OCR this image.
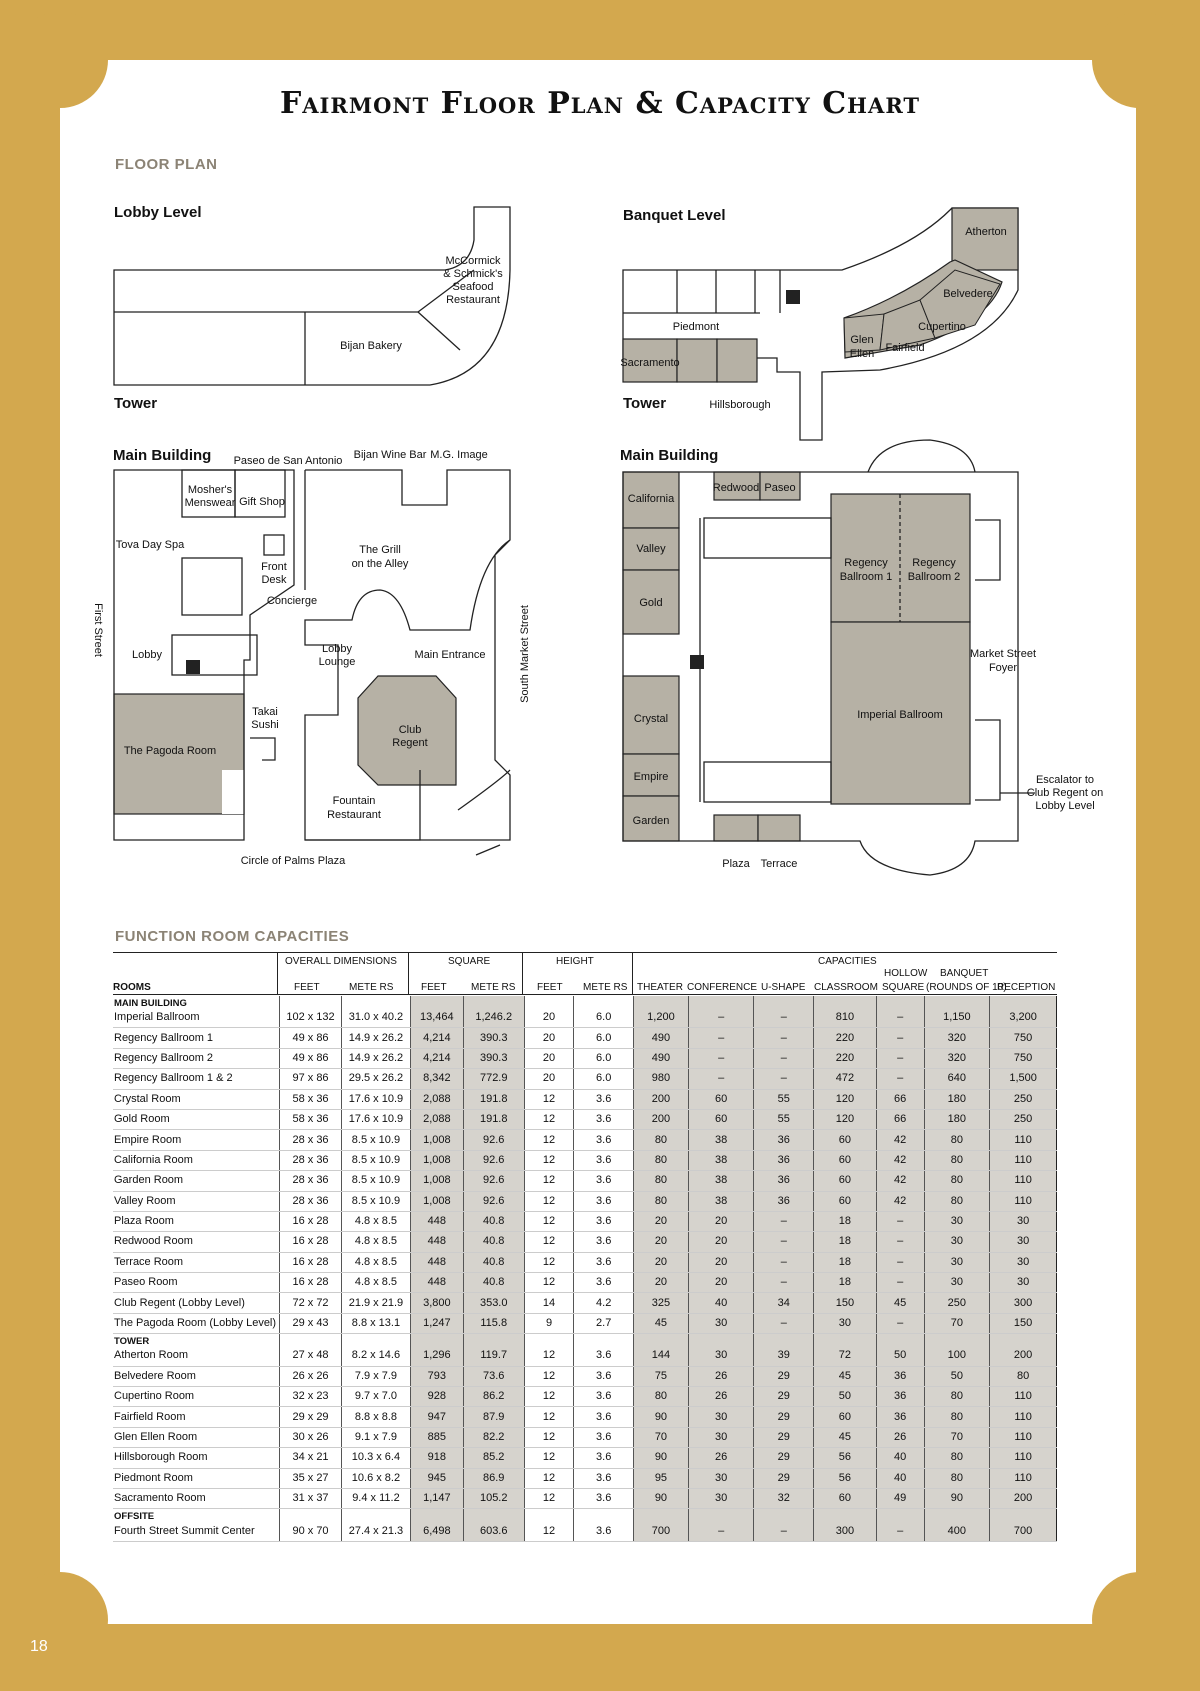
Fairmont Floor Plan & Capacity Chart
FLOOR PLAN
Lobby Level	Banquet Level
Tower	Tower
Main Building	Main Building
McCormick
& Schmick's
Seafood
Restaurant
Bijan Bakery
Paseo de San Antonio Bijan Wine Bar M.G. Image
Mosher's
Menswear Gift Shop
Tova Day Spa
Front
Desk
Concierge
The Grill
on the Alley
First Street	Lobby	Lobby
Lounge
Main Entrance	South Market Street
Takai
Sushi
The Pagoda Room
Club
Regent
Fountain
Restaurant
Circle of Palms Plaza
Atherton
Belvedere
Cupertino
Fairfield
Glen
Ellen
Piedmont
Sacramento
Hillsborough
California
Redwood Paseo
Valley
Gold
Crystal
Empire
Garden
Regency
Ballroom 1
Regency
Ballroom 2
Market Street
Foyer
Imperial Ballroom
Escalator to
Club Regent on
Lobby Level
Plaza Terrace
FUNCTION ROOM CAPACITIES
OVERALL DIMENSIONS	SQUARE	HEIGHT	CAPACITIES
HOLLOW BANQUET
ROOMS	FEET	METE RS	FEET METE RS FEET METE RS THEATER CONFERENCE U-SHAPE CLASSROOM SQUARE (ROUNDS OF 10)
RECEPTION
MAIN BUILDING													
Imperial Ballroom	102 x 132	31.0 x 40.2	13,464	1,246.2	20	6.0	1,200	–	–	810	–	1,150	3,200
Regency Ballroom 1	49 x 86	14.9 x 26.2	4,214	390.3	20	6.0	490	–	–	220	–	320	750
Regency Ballroom 2	49 x 86	14.9 x 26.2	4,214	390.3	20	6.0	490	–	–	220	–	320	750
Regency Ballroom 1 & 2	97 x 86	29.5 x 26.2	8,342	772.9	20	6.0	980	–	–	472	–	640	1,500
Crystal Room	58 x 36	17.6 x 10.9	2,088	191.8	12	3.6	200	60	55	120	66	180	250
Gold Room	58 x 36	17.6 x 10.9	2,088	191.8	12	3.6	200	60	55	120	66	180	250
Empire Room	28 x 36	8.5 x 10.9	1,008	92.6	12	3.6	80	38	36	60	42	80	110
California Room	28 x 36	8.5 x 10.9	1,008	92.6	12	3.6	80	38	36	60	42	80	110
Garden Room	28 x 36	8.5 x 10.9	1,008	92.6	12	3.6	80	38	36	60	42	80	110
Valley Room	28 x 36	8.5 x 10.9	1,008	92.6	12	3.6	80	38	36	60	42	80	110
Plaza Room	16 x 28	4.8 x 8.5	448	40.8	12	3.6	20	20	–	18	–	30	30
Redwood Room	16 x 28	4.8 x 8.5	448	40.8	12	3.6	20	20	–	18	–	30	30
Terrace Room	16 x 28	4.8 x 8.5	448	40.8	12	3.6	20	20	–	18	–	30	30
Paseo Room	16 x 28	4.8 x 8.5	448	40.8	12	3.6	20	20	–	18	–	30	30
Club Regent (Lobby Level)	72 x 72	21.9 x 21.9	3,800	353.0	14	4.2	325	40	34	150	45	250	300
The Pagoda Room (Lobby Level)	29 x 43	8.8 x 13.1	1,247	115.8	9	2.7	45	30	–	30	–	70	150
TOWER													
Atherton Room	27 x 48	8.2 x 14.6	1,296	119.7	12	3.6	144	30	39	72	50	100	200
Belvedere Room	26 x 26	7.9 x 7.9	793	73.6	12	3.6	75	26	29	45	36	50	80
Cupertino Room	32 x 23	9.7 x 7.0	928	86.2	12	3.6	80	26	29	50	36	80	110
Fairfield Room	29 x 29	8.8 x 8.8	947	87.9	12	3.6	90	30	29	60	36	80	110
Glen Ellen Room	30 x 26	9.1 x 7.9	885	82.2	12	3.6	70	30	29	45	26	70	110
Hillsborough Room	34 x 21	10.3 x 6.4	918	85.2	12	3.6	90	26	29	56	40	80	110
Piedmont Room	35 x 27	10.6 x 8.2	945	86.9	12	3.6	95	30	29	56	40	80	110
Sacramento Room	31 x 37	9.4 x 11.2	1,147	105.2	12	3.6	90	30	32	60	49	90	200
OFFSITE													
Fourth Street Summit Center	90 x 70	27.4 x 21.3	6,498	603.6	12	3.6	700	–	–	300	–	400	700
18
